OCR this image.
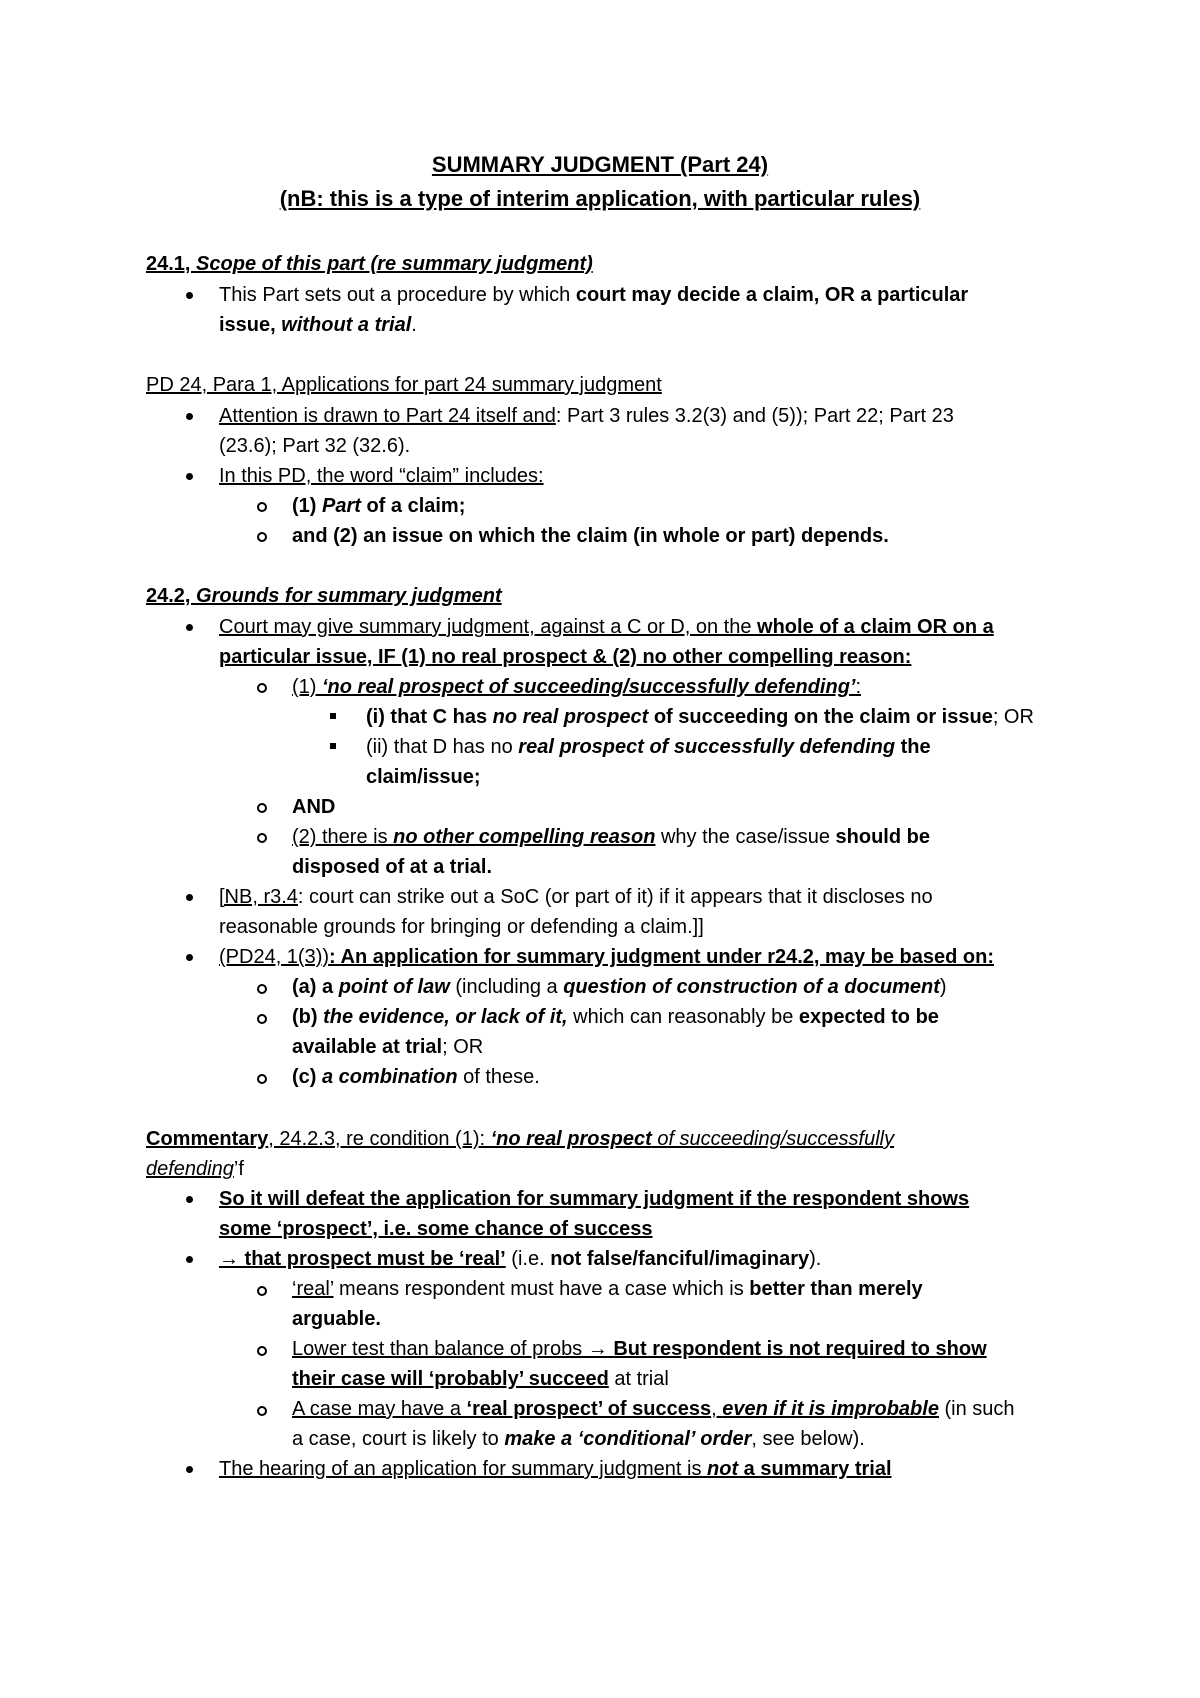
SUMMARY JUDGMENT (Part 24)
(nB: this is a type of interim application, with particular rules)
24.1, Scope of this part (re summary judgment)
This Part sets out a procedure by which court may decide a claim, OR a particular
issue, without a trial.
PD 24, Para 1, Applications for part 24 summary judgment
Attention is drawn to Part 24 itself and: Part 3 rules 3.2(3) and (5)); Part 22; Part 23
(23.6); Part 32 (32.6).
In this PD, the word “claim” includes:
(1) Part of a claim;
and (2) an issue on which the claim (in whole or part) depends.
24.2, Grounds for summary judgment
Court may give summary judgment, against a C or D, on the whole of a claim OR on a
particular issue, IF (1) no real prospect & (2) no other compelling reason:
(1) ‘no real prospect of succeeding/successfully defending’:
(i) that C has no real prospect of succeeding on the claim or issue; OR
(ii) that D has no real prospect of successfully defending the
claim/issue;
AND
(2) there is no other compelling reason why the case/issue should be
disposed of at a trial.
[NB, r3.4: court can strike out a SoC (or part of it) if it appears that it discloses no
reasonable grounds for bringing or defending a claim.]]
(PD24, 1(3)): An application for summary judgment under r24.2, may be based on:
(a) a point of law (including a question of construction of a document)
(b) the evidence, or lack of it, which can reasonably be expected to be
available at trial; OR
(c) a combination of these.
Commentary, 24.2.3, re condition (1): ‘no real prospect of succeeding/successfully
defending’f
So it will defeat the application for summary judgment if the respondent shows
some ‘prospect’, i.e. some chance of success
→ that prospect must be ‘real’ (i.e. not false/fanciful/imaginary).
‘real’ means respondent must have a case which is better than merely
arguable.
Lower test than balance of probs → But respondent is not required to show
their case will ‘probably’ succeed at trial
A case may have a ‘real prospect’ of success, even if it is improbable (in such
a case, court is likely to make a ‘conditional’ order, see below).
The hearing of an application for summary judgment is not a summary trial
